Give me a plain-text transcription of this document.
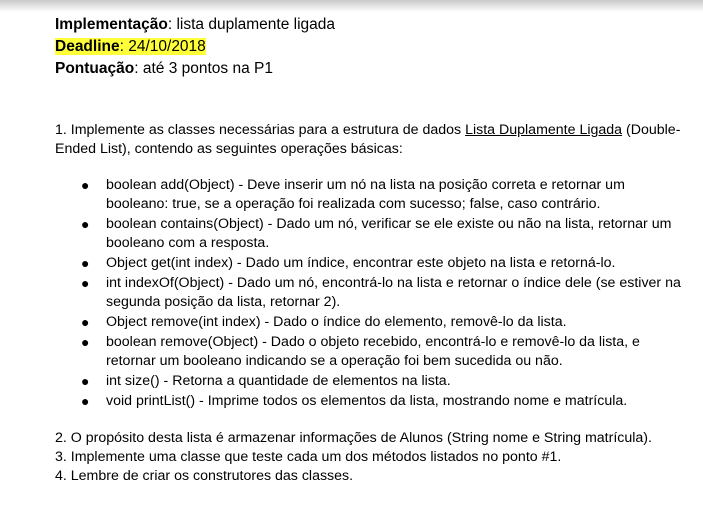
Implementação: lista duplamente ligada
Deadline: 24/10/2018
Pontuação: até 3 pontos na P1
1. Implemente as classes necessárias para a estrutura de dados Lista Duplamente Ligada (Double-Ended List), contendo as seguintes operações básicas:
● boolean add(Object) - Deve inserir um nó na lista na posição correta e retornar um booleano: true, se a operação foi realizada com sucesso; false, caso contrário.
● boolean contains(Object) - Dado um nó, verificar se ele existe ou não na lista, retornar um booleano com a resposta.
● Object get(int index) - Dado um índice, encontrar este objeto na lista e retorná-lo.
● int indexOf(Object) - Dado um nó, encontrá-lo na lista e retornar o índice dele (se estiver na segunda posição da lista, retornar 2).
● Object remove(int index) - Dado o índice do elemento, removê-lo da lista.
● boolean remove(Object) - Dado o objeto recebido, encontrá-lo e removê-lo da lista, e retornar um booleano indicando se a operação foi bem sucedida ou não.
● int size() - Retorna a quantidade de elementos na lista.
● void printList() - Imprime todos os elementos da lista, mostrando nome e matrícula.
2. O propósito desta lista é armazenar informações de Alunos (String nome e String matrícula).
3. Implemente uma classe que teste cada um dos métodos listados no ponto #1.
4. Lembre de criar os construtores das classes.
